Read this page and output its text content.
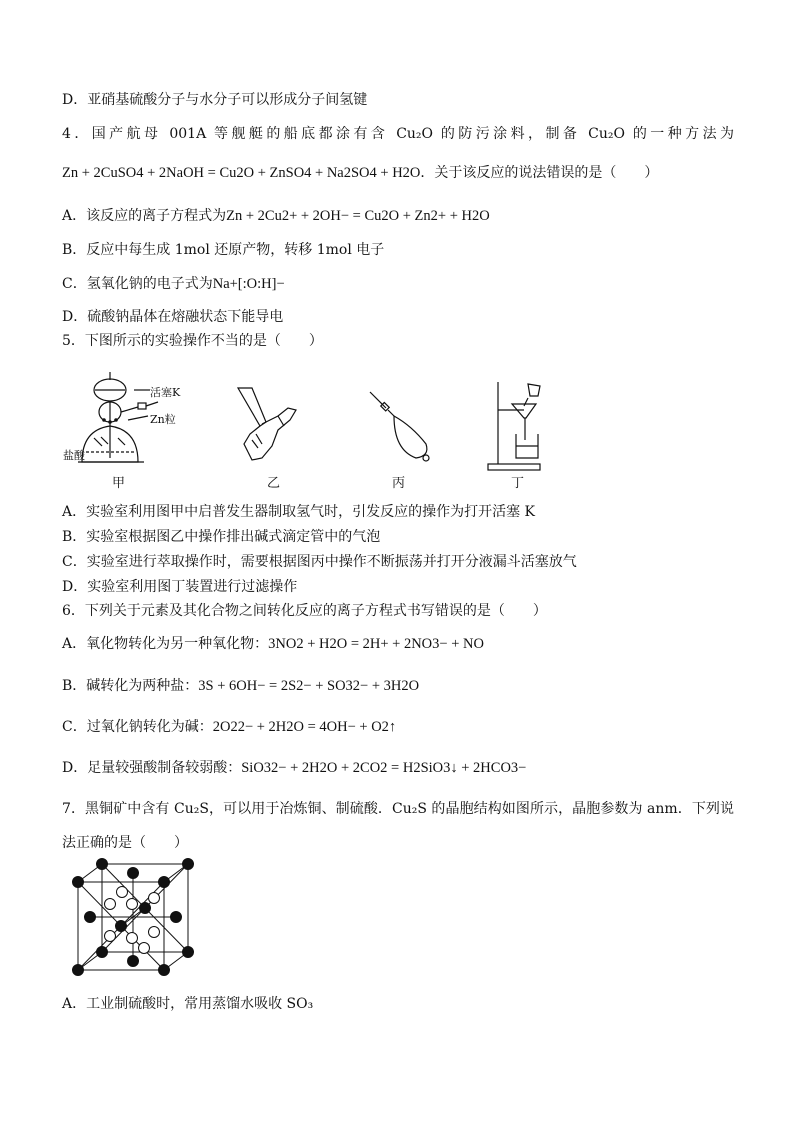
D．亚硝基硫酸分子与水分子可以形成分子间氢键
4．国产航母 001A 等舰艇的船底都涂有含 Cu₂O 的防污涂料，制备 Cu₂O 的一种方法为
Zn + 2CuSO4 + 2NaOH = Cu2O + ZnSO4 + Na2SO4 + H2O．关于该反应的说法错误的是（　　）
A．该反应的离子方程式为Zn + 2Cu2+ + 2OH− = Cu2O + Zn2+ + H2O
B．反应中每生成 1mol 还原产物，转移 1mol 电子
C．氢氧化钠的电子式为Na+[:O:H]−
D．硫酸钠晶体在熔融状态下能导电
5．下图所示的实验操作不当的是（　　）
活塞K
Zn粒
盐酸
甲	乙	丙	丁
A．实验室利用图甲中启普发生器制取氢气时，引发反应的操作为打开活塞 K
B．实验室根据图乙中操作排出碱式滴定管中的气泡
C．实验室进行萃取操作时，需要根据图丙中操作不断振荡并打开分液漏斗活塞放气
D．实验室利用图丁装置进行过滤操作
6．下列关于元素及其化合物之间转化反应的离子方程式书写错误的是（　　）
A．氧化物转化为另一种氧化物：3NO2 + H2O = 2H+ + 2NO3− + NO
B．碱转化为两种盐：3S + 6OH− = 2S2− + SO32− + 3H2O
C．过氧化钠转化为碱：2O22− + 2H2O = 4OH− + O2↑
D．足量较强酸制备较弱酸：SiO32− + 2H2O + 2CO2 = H2SiO3↓ + 2HCO3−
7．黑铜矿中含有 Cu₂S，可以用于冶炼铜、制硫酸．Cu₂S 的晶胞结构如图所示，晶胞参数为 anm．下列说
法正确的是（　　）
A．工业制硫酸时，常用蒸馏水吸收 SO₃
